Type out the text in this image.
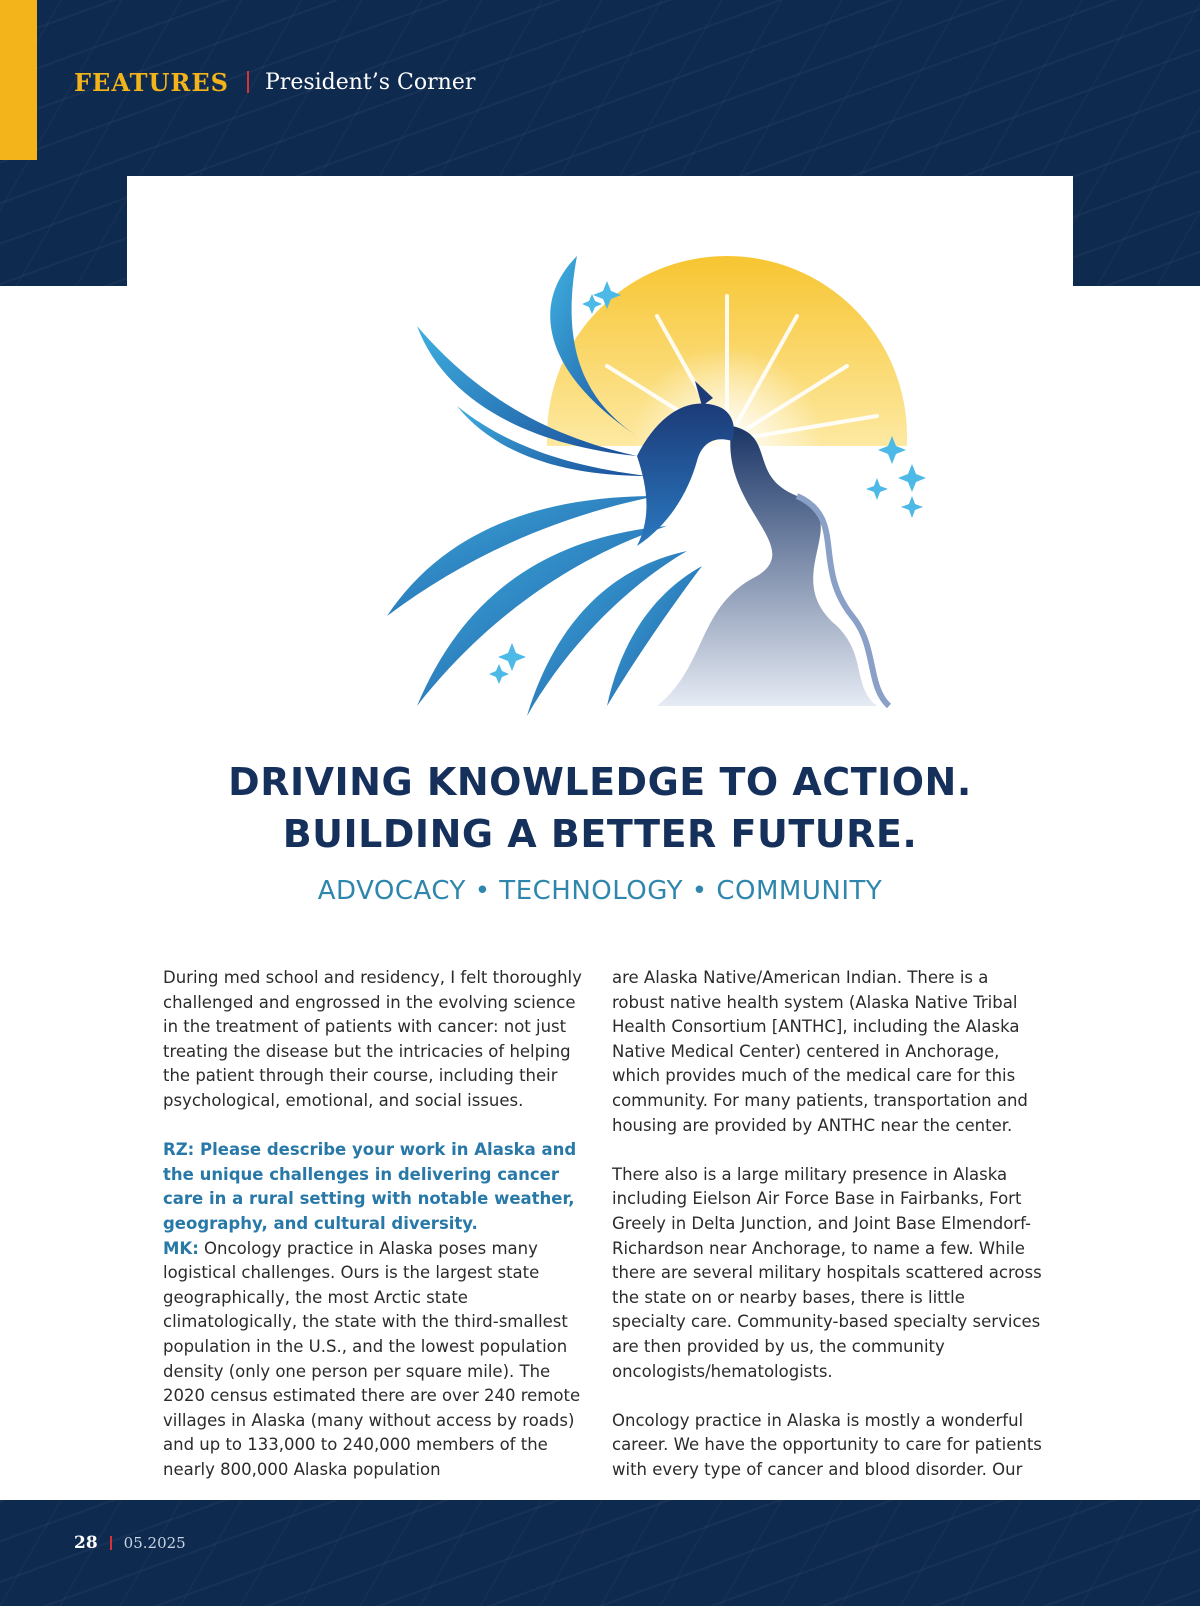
FEATURES President’s Corner
DRIVING KNOWLEDGE TO ACTION.
BUILDING A BETTER FUTURE.
ADVOCACY • TECHNOLOGY • COMMUNITY

During med school and residency, I felt thoroughly challenged and engrossed in the evolving science in the treatment of patients with cancer: not just treating the disease but the intricacies of helping the patient through their course, including their psychological, emotional, and social issues.

RZ: Please describe your work in Alaska and the unique challenges in delivering cancer care in a rural setting with notable weather, geography, and cultural diversity.

MK: Oncology practice in Alaska poses many logistical challenges. Ours is the largest state geographically, the most Arctic state climatologically, the state with the third-smallest population in the U.S., and the lowest population density (only one person per square mile). The 2020 census estimated there are over 240 remote villages in Alaska (many without access by roads) and up to 133,000 to 240,000 members of the nearly 800,000 Alaska population

are Alaska Native/American Indian. There is a robust native health system (Alaska Native Tribal Health Consortium [ANTHC], including the Alaska Native Medical Center) centered in Anchorage, which provides much of the medical care for this community. For many patients, transportation and housing are provided by ANTHC near the center.

There also is a large military presence in Alaska including Eielson Air Force Base in Fairbanks, Fort Greely in Delta Junction, and Joint Base Elmendorf-Richardson near Anchorage, to name a few. While there are several military hospitals scattered across the state on or nearby bases, there is little specialty care. Community-based specialty services are then provided by us, the community oncologists/hematologists.

Oncology practice in Alaska is mostly a wonderful career. We have the opportunity to care for patients with every type of cancer and blood disorder. Our

28 05.2025
